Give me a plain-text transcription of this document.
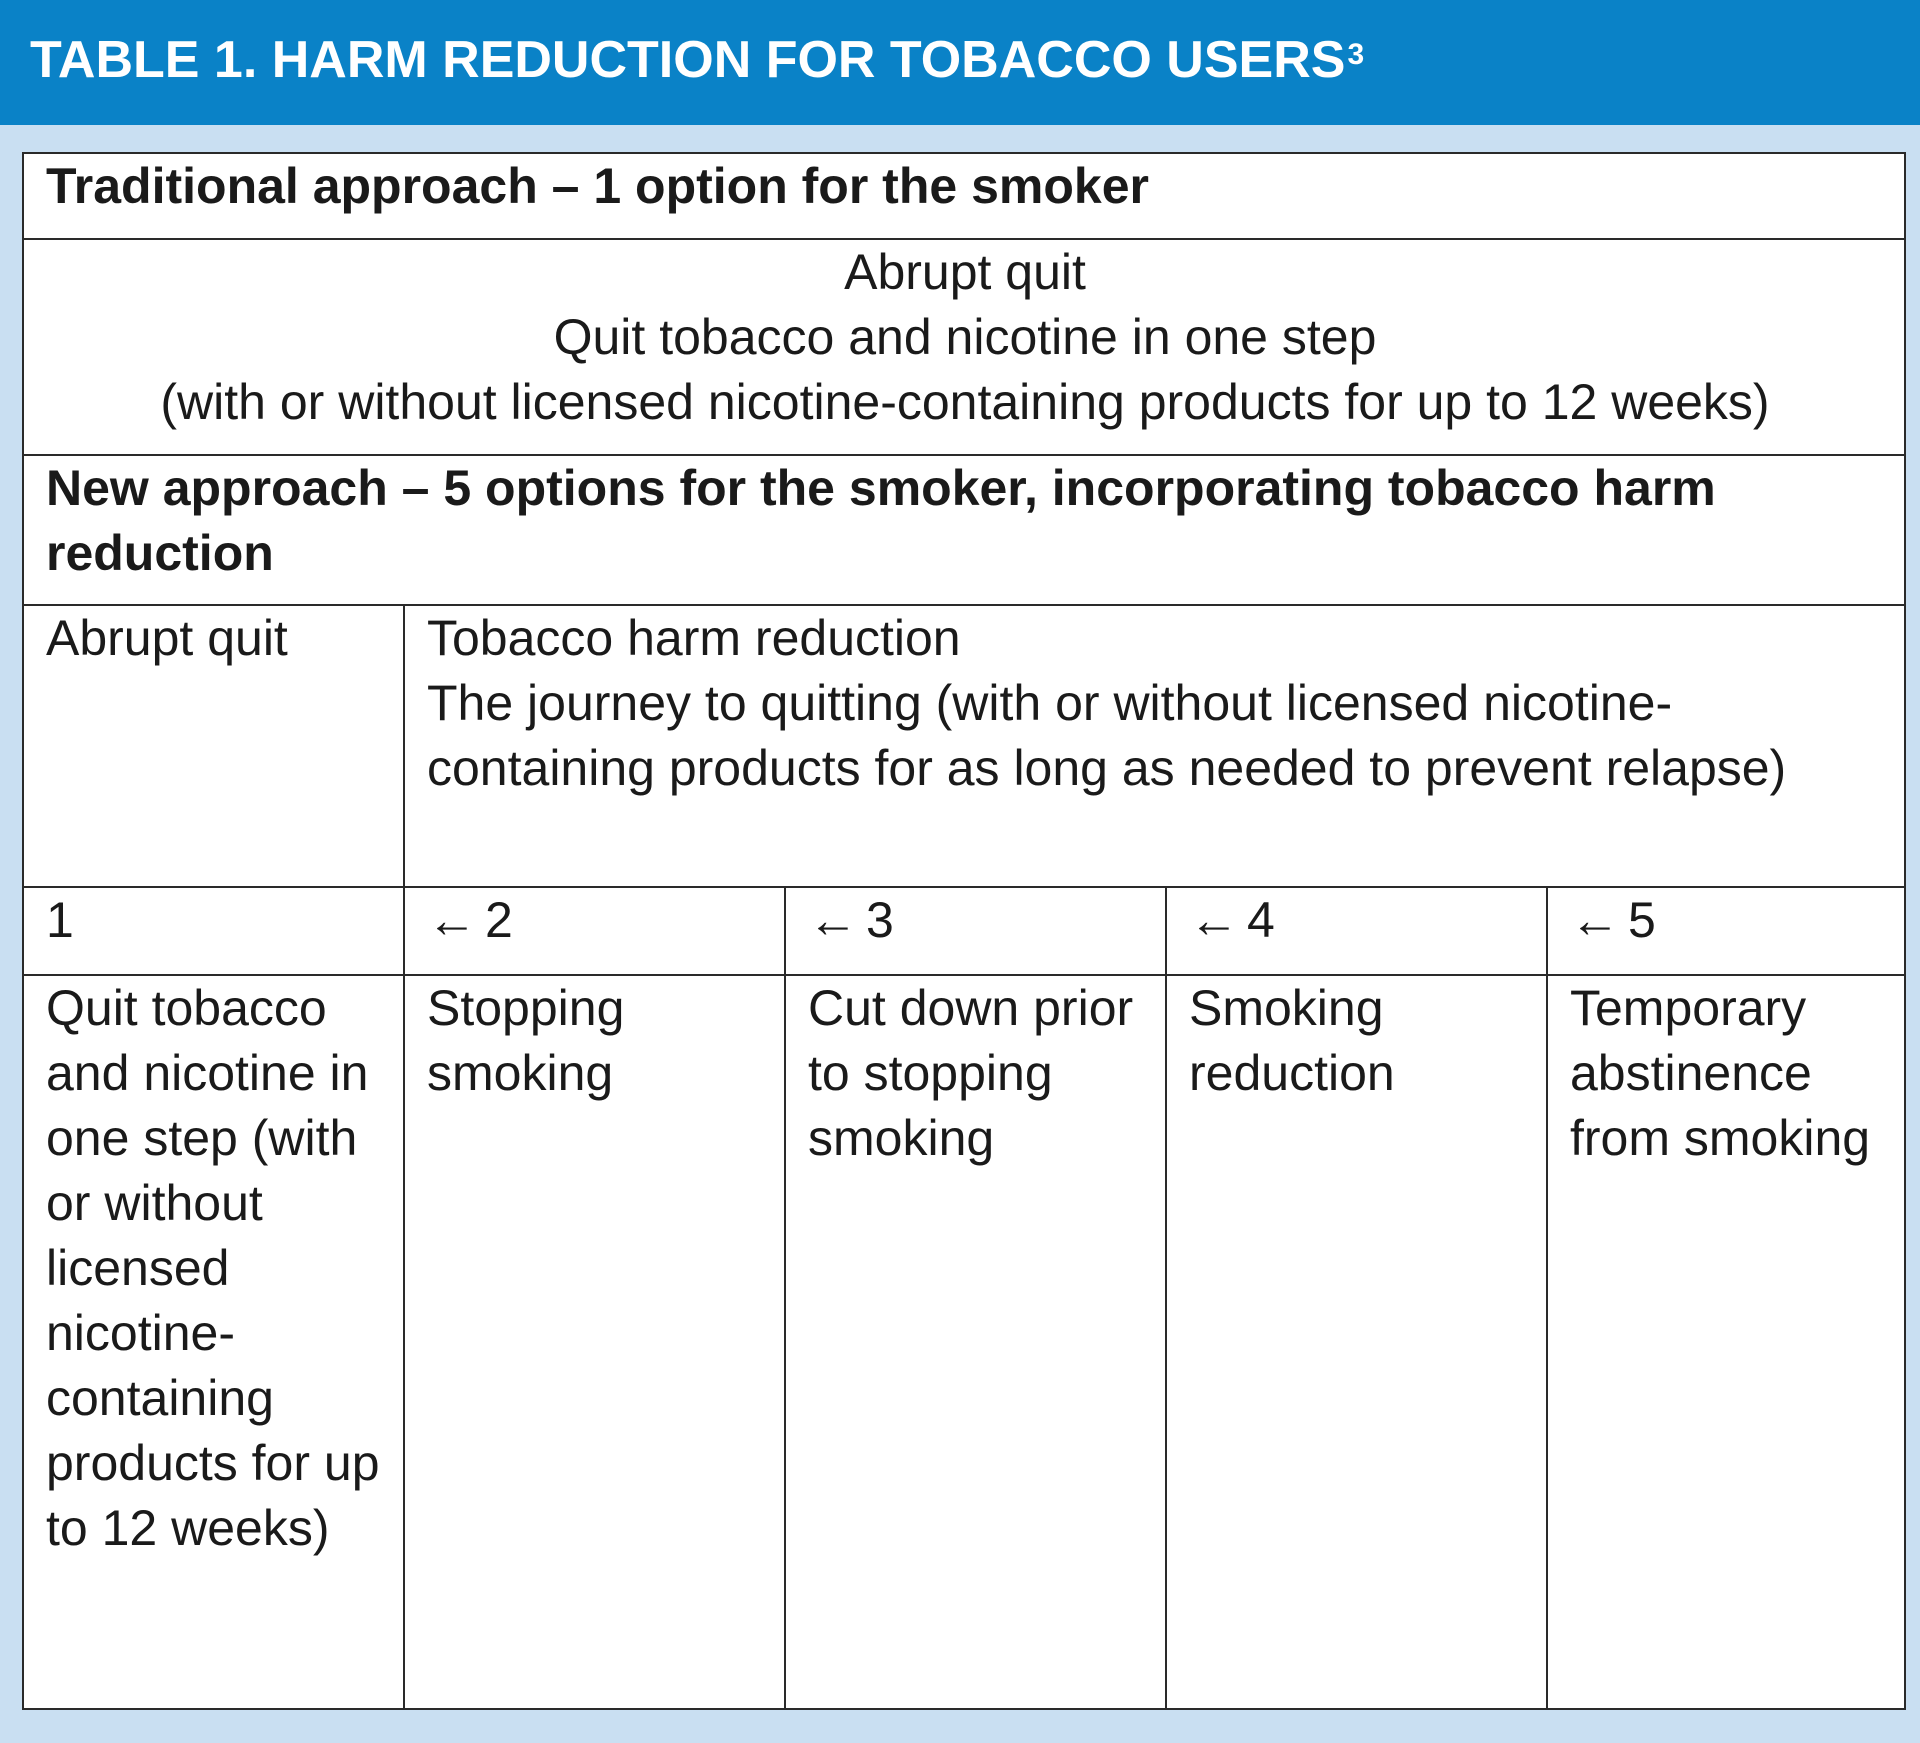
TABLE 1. HARM REDUCTION FOR TOBACCO USERS$^3$
Traditional approach – 1 option for the smoker				

Abrupt quit
Quit tobacco and nicotine in one step
(with or without licensed nicotine-containing products for up to 12 weeks)				

New approach – 5 options for the smoker, incorporating tobacco harm reduction				
Abrupt quit	Tobacco harm reduction
The journey to quitting (with or without licensed nicotine-containing products for as long as needed to prevent relapse)			

1	← 2	← 3	← 4	← 5
Quit tobacco and nicotine in one step (with or without licensed nicotine-containing products for up to 12 weeks)	Stopping smoking	Cut down prior to stopping smoking	Smoking reduction	Temporary abstinence from smoking
